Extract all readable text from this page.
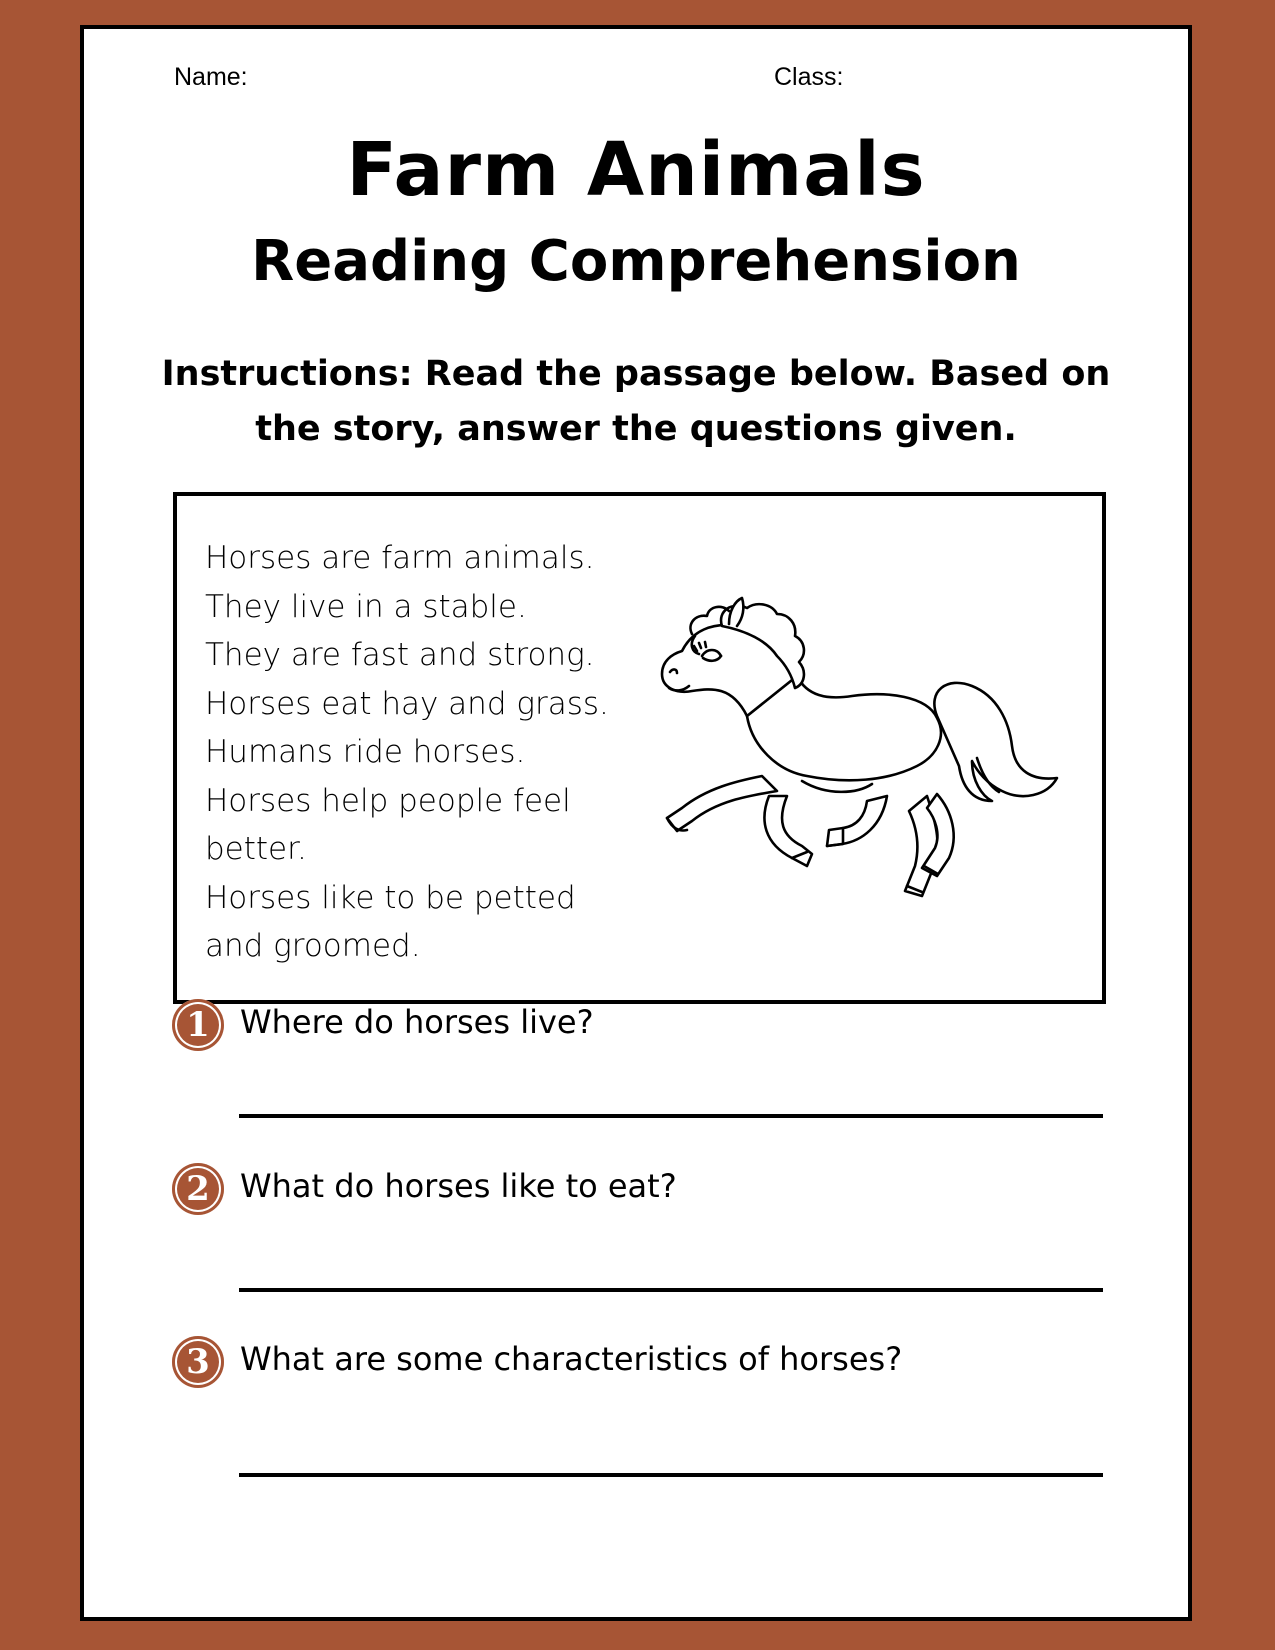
Name:	Class:
Farm Animals
Reading Comprehension
Instructions: Read the passage below. Based on the story, answer the questions given.
Horses are farm animals.
They live in a stable.
They are fast and strong.
Horses eat hay and grass.
Humans ride horses.
Horses help people feel
better.
Horses like to be petted
and groomed.
1 Where do horses live?
2 What do horses like to eat?
3 What are some characteristics of horses?
